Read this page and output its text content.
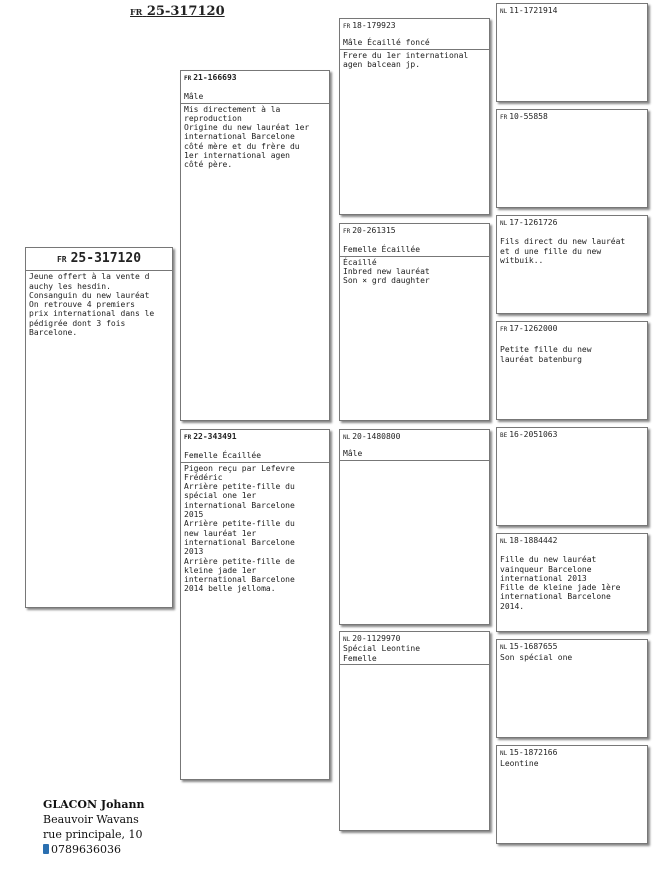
FR 25-317120
FR 25-317120
Jeune offert à la vente d
auchy les hesdin.
Consanguin du new lauréat
On retrouve 4 premiers
prix international dans le
pédigrée dont 3 fois
Barcelone.
FR 21-166693
Mâle
Mis directement à la
reproduction
Origine du new lauréat 1er
international Barcelone
côté mère et du frère du
1er international agen
côté père.
FR 22-343491
Femelle Écaillée
Pigeon reçu par Lefevre
Frédéric
Arrière petite-fille du
spécial one 1er
international Barcelone
2015
Arrière petite-fille du
new lauréat 1er
international Barcelone
2013
Arrière petite-fille de
kleine jade 1er
international Barcelone
2014 belle jelloma.
FR 18-179923
Mâle Écaillé foncé
Frere du 1er international
agen balcean jp.
FR 20-261315
Femelle Écaillée
Écaillé
Inbred new lauréat
Son × grd daughter
NL 20-1480800
Mâle
NL 20-1129970
Spécial Leontine
Femelle
NL 11-1721914
FR 10-55858
NL 17-1261726
Fils direct du new lauréat
et d une fille du new
witbuik..
FR 17-1262000
Petite fille du new
lauréat batenburg
BE 16-2051063
NL 18-1884442
Fille du new lauréat
vainqueur Barcelone
international 2013
Fille de kleine jade 1ère
international Barcelone
2014.
NL 15-1687655
Son spécial one
NL 15-1872166
Leontine
GLACON Johann
Beauvoir Wavans
rue principale, 10
0789636036
